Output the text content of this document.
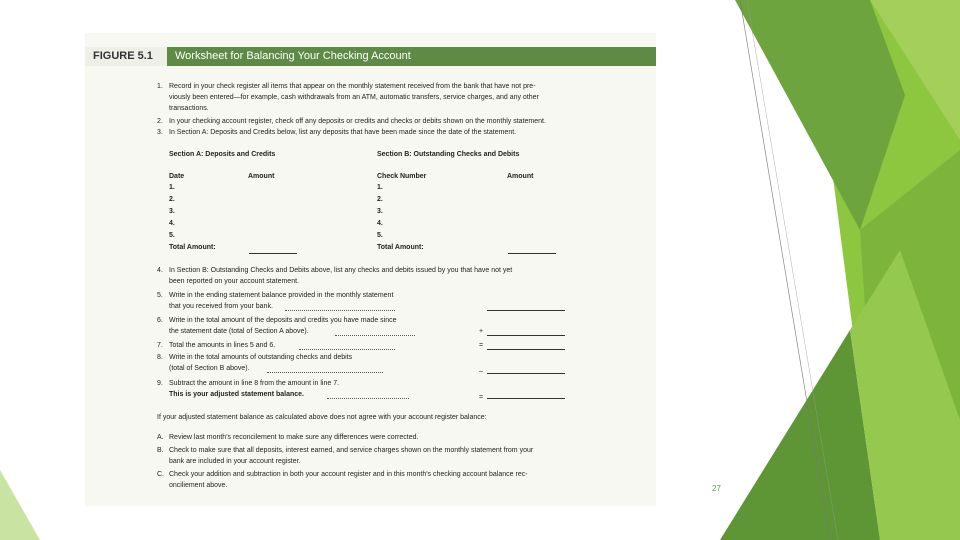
FIGURE 5.1	Worksheet for Balancing Your Checking Account
1. Record in your check register all items that appear on the monthly statement received from the bank that have not pre-
viously been entered—for example, cash withdrawals from an ATM, automatic transfers, service charges, and any other
transactions.
2. In your checking account register, check off any deposits or credits and checks or debits shown on the monthly statement.
3. In Section A: Deposits and Credits below, list any deposits that have been made since the date of the statement.
Section A: Deposits and Credits
Date	Amount
1.
2.
3.
4.
5.
Total Amount:
Section B: Outstanding Checks and Debits
Check Number	Amount
1.
2.
3.
4.
5.
Total Amount:
4. In Section B: Outstanding Checks and Debits above, list any checks and debits issued by you that have not yet
been reported on your account statement.
5. Write in the ending statement balance provided in the monthly statement
that you received from your bank.
6. Write in the total amount of the deposits and credits you have made since
the statement date (total of Section A above).	+
7. Total the amounts in lines 5 and 6.	=
8. Write in the total amounts of outstanding checks and debits
(total of Section B above).	–
9. Subtract the amount in line 8 from the amount in line 7.
This is your adjusted statement balance.	=
If your adjusted statement balance as calculated above does not agree with your account register balance:
A. Review last month's reconcilement to make sure any differences were corrected.
B. Check to make sure that all deposits, interest earned, and service charges shown on the monthly statement from your
bank are included in your account register.
C. Check your addition and subtraction in both your account register and in this month's checking account balance rec-
onciliement above.	27
